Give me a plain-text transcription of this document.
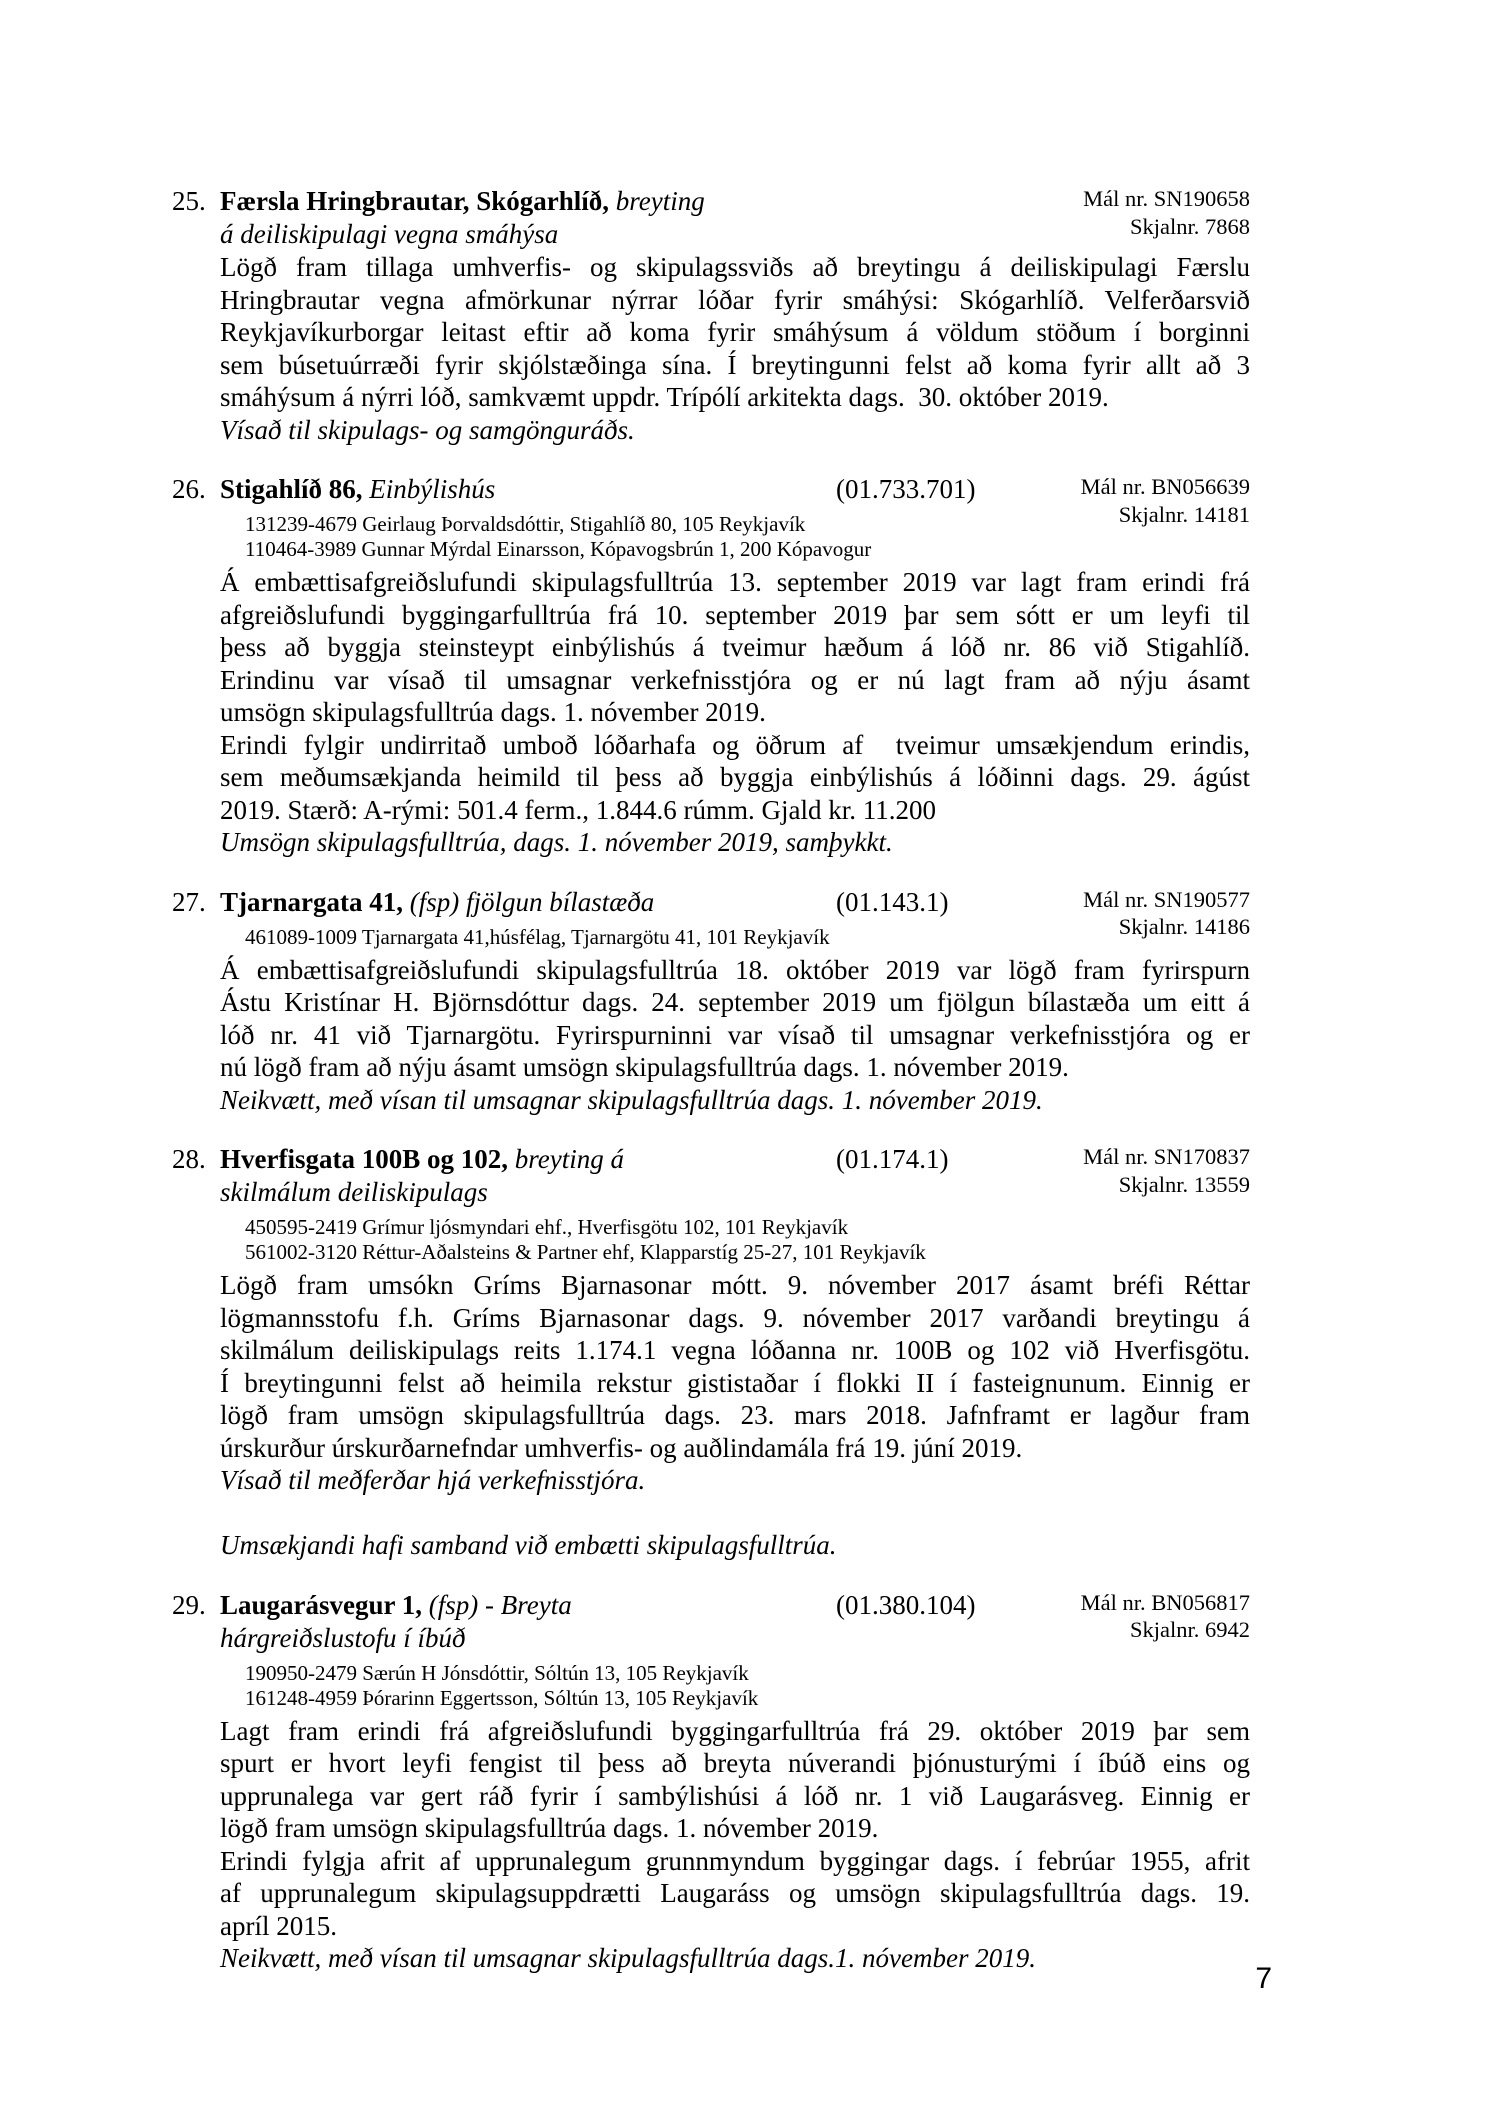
25.	Mál nr. SN190658
Skjalnr. 7868
Færsla Hringbrautar, Skógarhlíð, breyting
á deiliskipulagi vegna smáhýsa
Lögð fram tillaga umhverfis- og skipulagssviðs að breytingu á deiliskipulagi Færslu
Hringbrautar vegna afmörkunar nýrrar lóðar fyrir smáhýsi: Skógarhlíð. Velferðarsvið
Reykjavíkurborgar leitast eftir að koma fyrir smáhýsum á völdum stöðum í borginni
sem búsetuúrræði fyrir skjólstæðinga sína. Í breytingunni felst að koma fyrir allt að 3
smáhýsum á nýrri lóð, samkvæmt uppdr. Trípólí arkitekta dags.  30. október 2019.
Vísað til skipulags- og samgönguráðs.
26.	Mál nr. BN056639
Skjalnr. 14181
Stigahlíð 86, Einbýlishús	(01.733.701)
131239-4679 Geirlaug Þorvaldsdóttir, Stigahlíð 80, 105 Reykjavík
110464-3989 Gunnar Mýrdal Einarsson, Kópavogsbrún 1, 200 Kópavogur
Á embættisafgreiðslufundi skipulagsfulltrúa 13. september 2019 var lagt fram erindi frá
afgreiðslufundi byggingarfulltrúa frá 10. september 2019 þar sem sótt er um leyfi til
þess að byggja steinsteypt einbýlishús á tveimur hæðum á lóð nr. 86 við Stigahlíð.
Erindinu var vísað til umsagnar verkefnisstjóra og er nú lagt fram að nýju ásamt
umsögn skipulagsfulltrúa dags. 1. nóvember 2019.
Erindi fylgir undirritað umboð lóðarhafa og öðrum af  tveimur umsækjendum erindis,
sem meðumsækjanda heimild til þess að byggja einbýlishús á lóðinni dags. 29. ágúst
2019. Stærð: A-rými: 501.4 ferm., 1.844.6 rúmm. Gjald kr. 11.200
Umsögn skipulagsfulltrúa, dags. 1. nóvember 2019, samþykkt.
27.	Mál nr. SN190577
Skjalnr. 14186
Tjarnargata 41, (fsp) fjölgun bílastæða	(01.143.1)
461089-1009 Tjarnargata 41,húsfélag, Tjarnargötu 41, 101 Reykjavík
Á embættisafgreiðslufundi skipulagsfulltrúa 18. október 2019 var lögð fram fyrirspurn
Ástu Kristínar H. Björnsdóttur dags. 24. september 2019 um fjölgun bílastæða um eitt á
lóð nr. 41 við Tjarnargötu. Fyrirspurninni var vísað til umsagnar verkefnisstjóra og er
nú lögð fram að nýju ásamt umsögn skipulagsfulltrúa dags. 1. nóvember 2019.
Neikvætt, með vísan til umsagnar skipulagsfulltrúa dags. 1. nóvember 2019.
28.	Mál nr. SN170837
Skjalnr. 13559
Hverfisgata 100B og 102, breyting á	(01.174.1)
skilmálum deiliskipulags
450595-2419 Grímur ljósmyndari ehf., Hverfisgötu 102, 101 Reykjavík
561002-3120 Réttur-Aðalsteins & Partner ehf, Klapparstíg 25-27, 101 Reykjavík
Lögð fram umsókn Gríms Bjarnasonar mótt. 9. nóvember 2017 ásamt bréfi Réttar
lögmannsstofu f.h. Gríms Bjarnasonar dags. 9. nóvember 2017 varðandi breytingu á
skilmálum deiliskipulags reits 1.174.1 vegna lóðanna nr. 100B og 102 við Hverfisgötu.
Í breytingunni felst að heimila rekstur gististaðar í flokki II í fasteignunum. Einnig er
lögð fram umsögn skipulagsfulltrúa dags. 23. mars 2018. Jafnframt er lagður fram
úrskurður úrskurðarnefndar umhverfis- og auðlindamála frá 19. júní 2019.
Vísað til meðferðar hjá verkefnisstjóra.
Umsækjandi hafi samband við embætti skipulagsfulltrúa.
29.	Mál nr. BN056817
Skjalnr. 6942
Laugarásvegur 1, (fsp) - Breyta	(01.380.104)
hárgreiðslustofu í íbúð
190950-2479 Særún H Jónsdóttir, Sóltún 13, 105 Reykjavík
161248-4959 Þórarinn Eggertsson, Sóltún 13, 105 Reykjavík
Lagt fram erindi frá afgreiðslufundi byggingarfulltrúa frá 29. október 2019 þar sem
spurt er hvort leyfi fengist til þess að breyta núverandi þjónusturými í íbúð eins og
upprunalega var gert ráð fyrir í sambýlishúsi á lóð nr. 1 við Laugarásveg. Einnig er
lögð fram umsögn skipulagsfulltrúa dags. 1. nóvember 2019.
Erindi fylgja afrit af upprunalegum grunnmyndum byggingar dags. í febrúar 1955, afrit
af upprunalegum skipulagsuppdrætti Laugaráss og umsögn skipulagsfulltrúa dags. 19.
apríl 2015.
Neikvætt, með vísan til umsagnar skipulagsfulltrúa dags.1. nóvember 2019.
7
